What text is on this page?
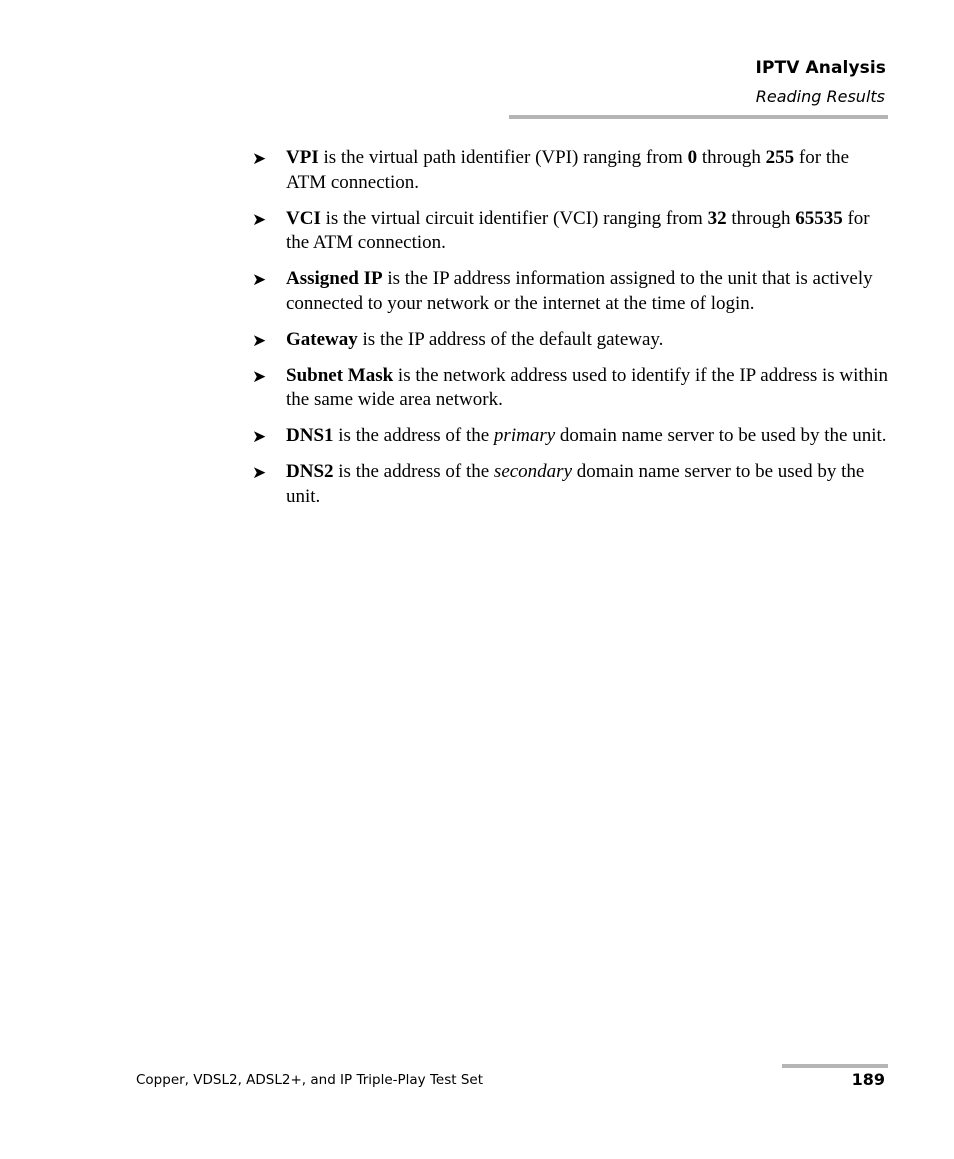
IPTV Analysis
Reading Results
➤ VPI is the virtual path identifier (VPI) ranging from 0 through 255 for the ATM connection.
➤ VCI is the virtual circuit identifier (VCI) ranging from 32 through 65535 for the ATM connection.
➤ Assigned IP is the IP address information assigned to the unit that is actively connected to your network or the internet at the time of login.
➤ Gateway is the IP address of the default gateway.
➤ Subnet Mask is the network address used to identify if the IP address is within the same wide area network.
➤ DNS1 is the address of the primary domain name server to be used by the unit.
➤ DNS2 is the address of the secondary domain name server to be used by the unit.
Copper, VDSL2, ADSL2+, and IP Triple-Play Test Set	189
